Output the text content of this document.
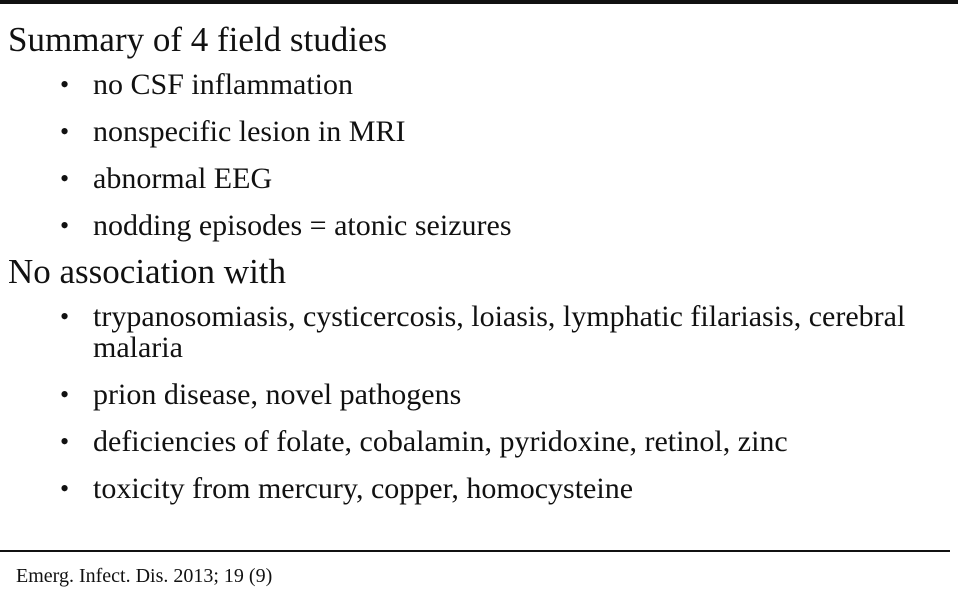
Summary of 4 field studies
• no CSF inflammation
• nonspecific lesion in MRI
• abnormal EEG
• nodding episodes = atonic seizures
No association with
• trypanosomiasis, cysticercosis, loiasis, lymphatic filariasis, cerebral malaria
• prion disease, novel pathogens
• deficiencies of folate, cobalamin, pyridoxine, retinol, zinc
• toxicity from mercury, copper, homocysteine
Emerg. Infect. Dis. 2013; 19 (9)
